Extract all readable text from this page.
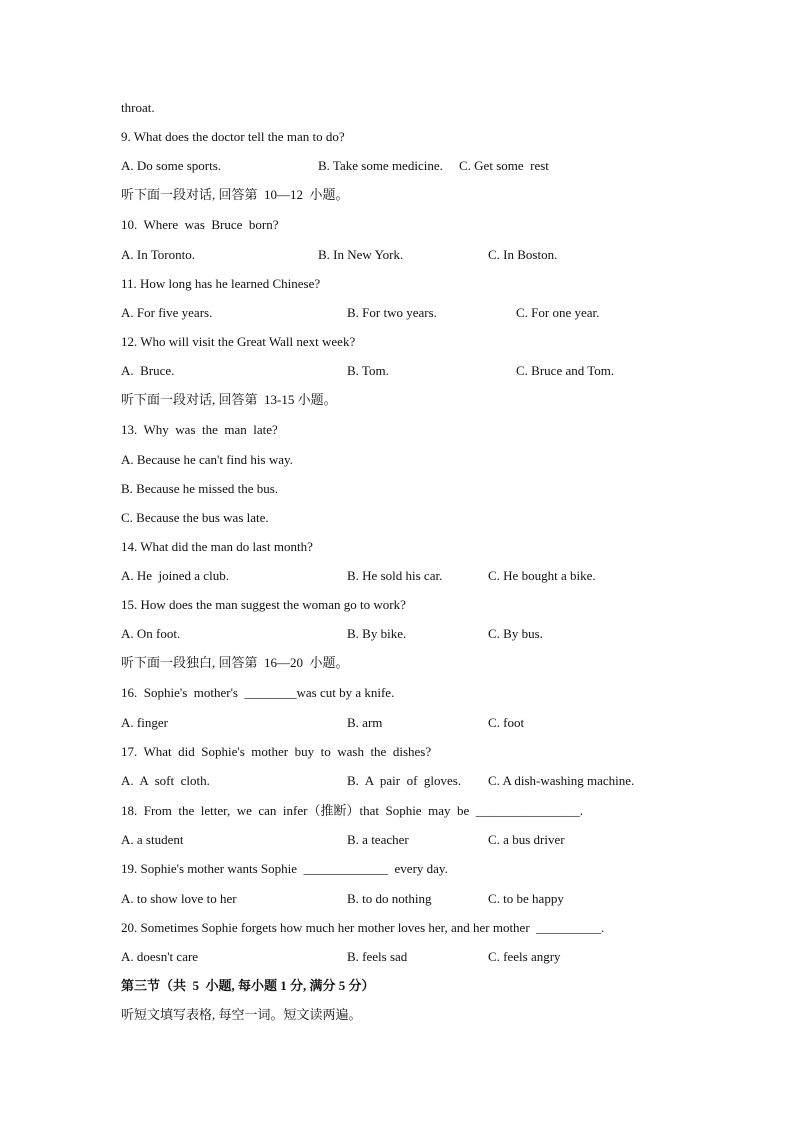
throat.
9. What does the doctor tell the man to do?
A. Do some sports.	B. Take some medicine. C. Get some  rest
听下面一段对话, 回答第  10—12  小题。
10.  Where  was  Bruce  born?
A. In Toronto.	B. In New York.	C. In Boston.
11. How long has he learned Chinese?
A. For five years.	B. For two years.	C. For one year.
12. Who will visit the Great Wall next week?
A.  Bruce.	B. Tom.	C. Bruce and Tom.
听下面一段对话, 回答第  13-15 小题。
13.  Why  was  the  man  late?
A. Because he can't find his way.
B. Because he missed the bus.
C. Because the bus was late.
14. What did the man do last month?
A. He  joined a club.	B. He sold his car.	C. He bought a bike.
15. How does the man suggest the woman go to work?
A. On foot.	B. By bike.	C. By bus.
听下面一段独白, 回答第  16—20  小题。
16.  Sophie's  mother's  ________was cut by a knife.
A. finger	B. arm	C. foot
17.  What  did  Sophie's  mother  buy  to  wash  the  dishes?
A.  A  soft  cloth.	B.  A  pair  of  gloves. C. A dish-washing machine.
18.  From  the  letter,  we  can  infer（推断）that  Sophie  may  be  ________________.
A. a student	B. a teacher	C. a bus driver
19. Sophie's mother wants Sophie  _____________  every day.
A. to show love to her	B. to do nothing	C. to be happy
20. Sometimes Sophie forgets how much her mother loves her, and her mother  __________.
A. doesn't care	B. feels sad	C. feels angry
第三节（共  5  小题, 每小题 1 分, 满分 5 分）
听短文填写表格, 每空一词。短文读两遍。
